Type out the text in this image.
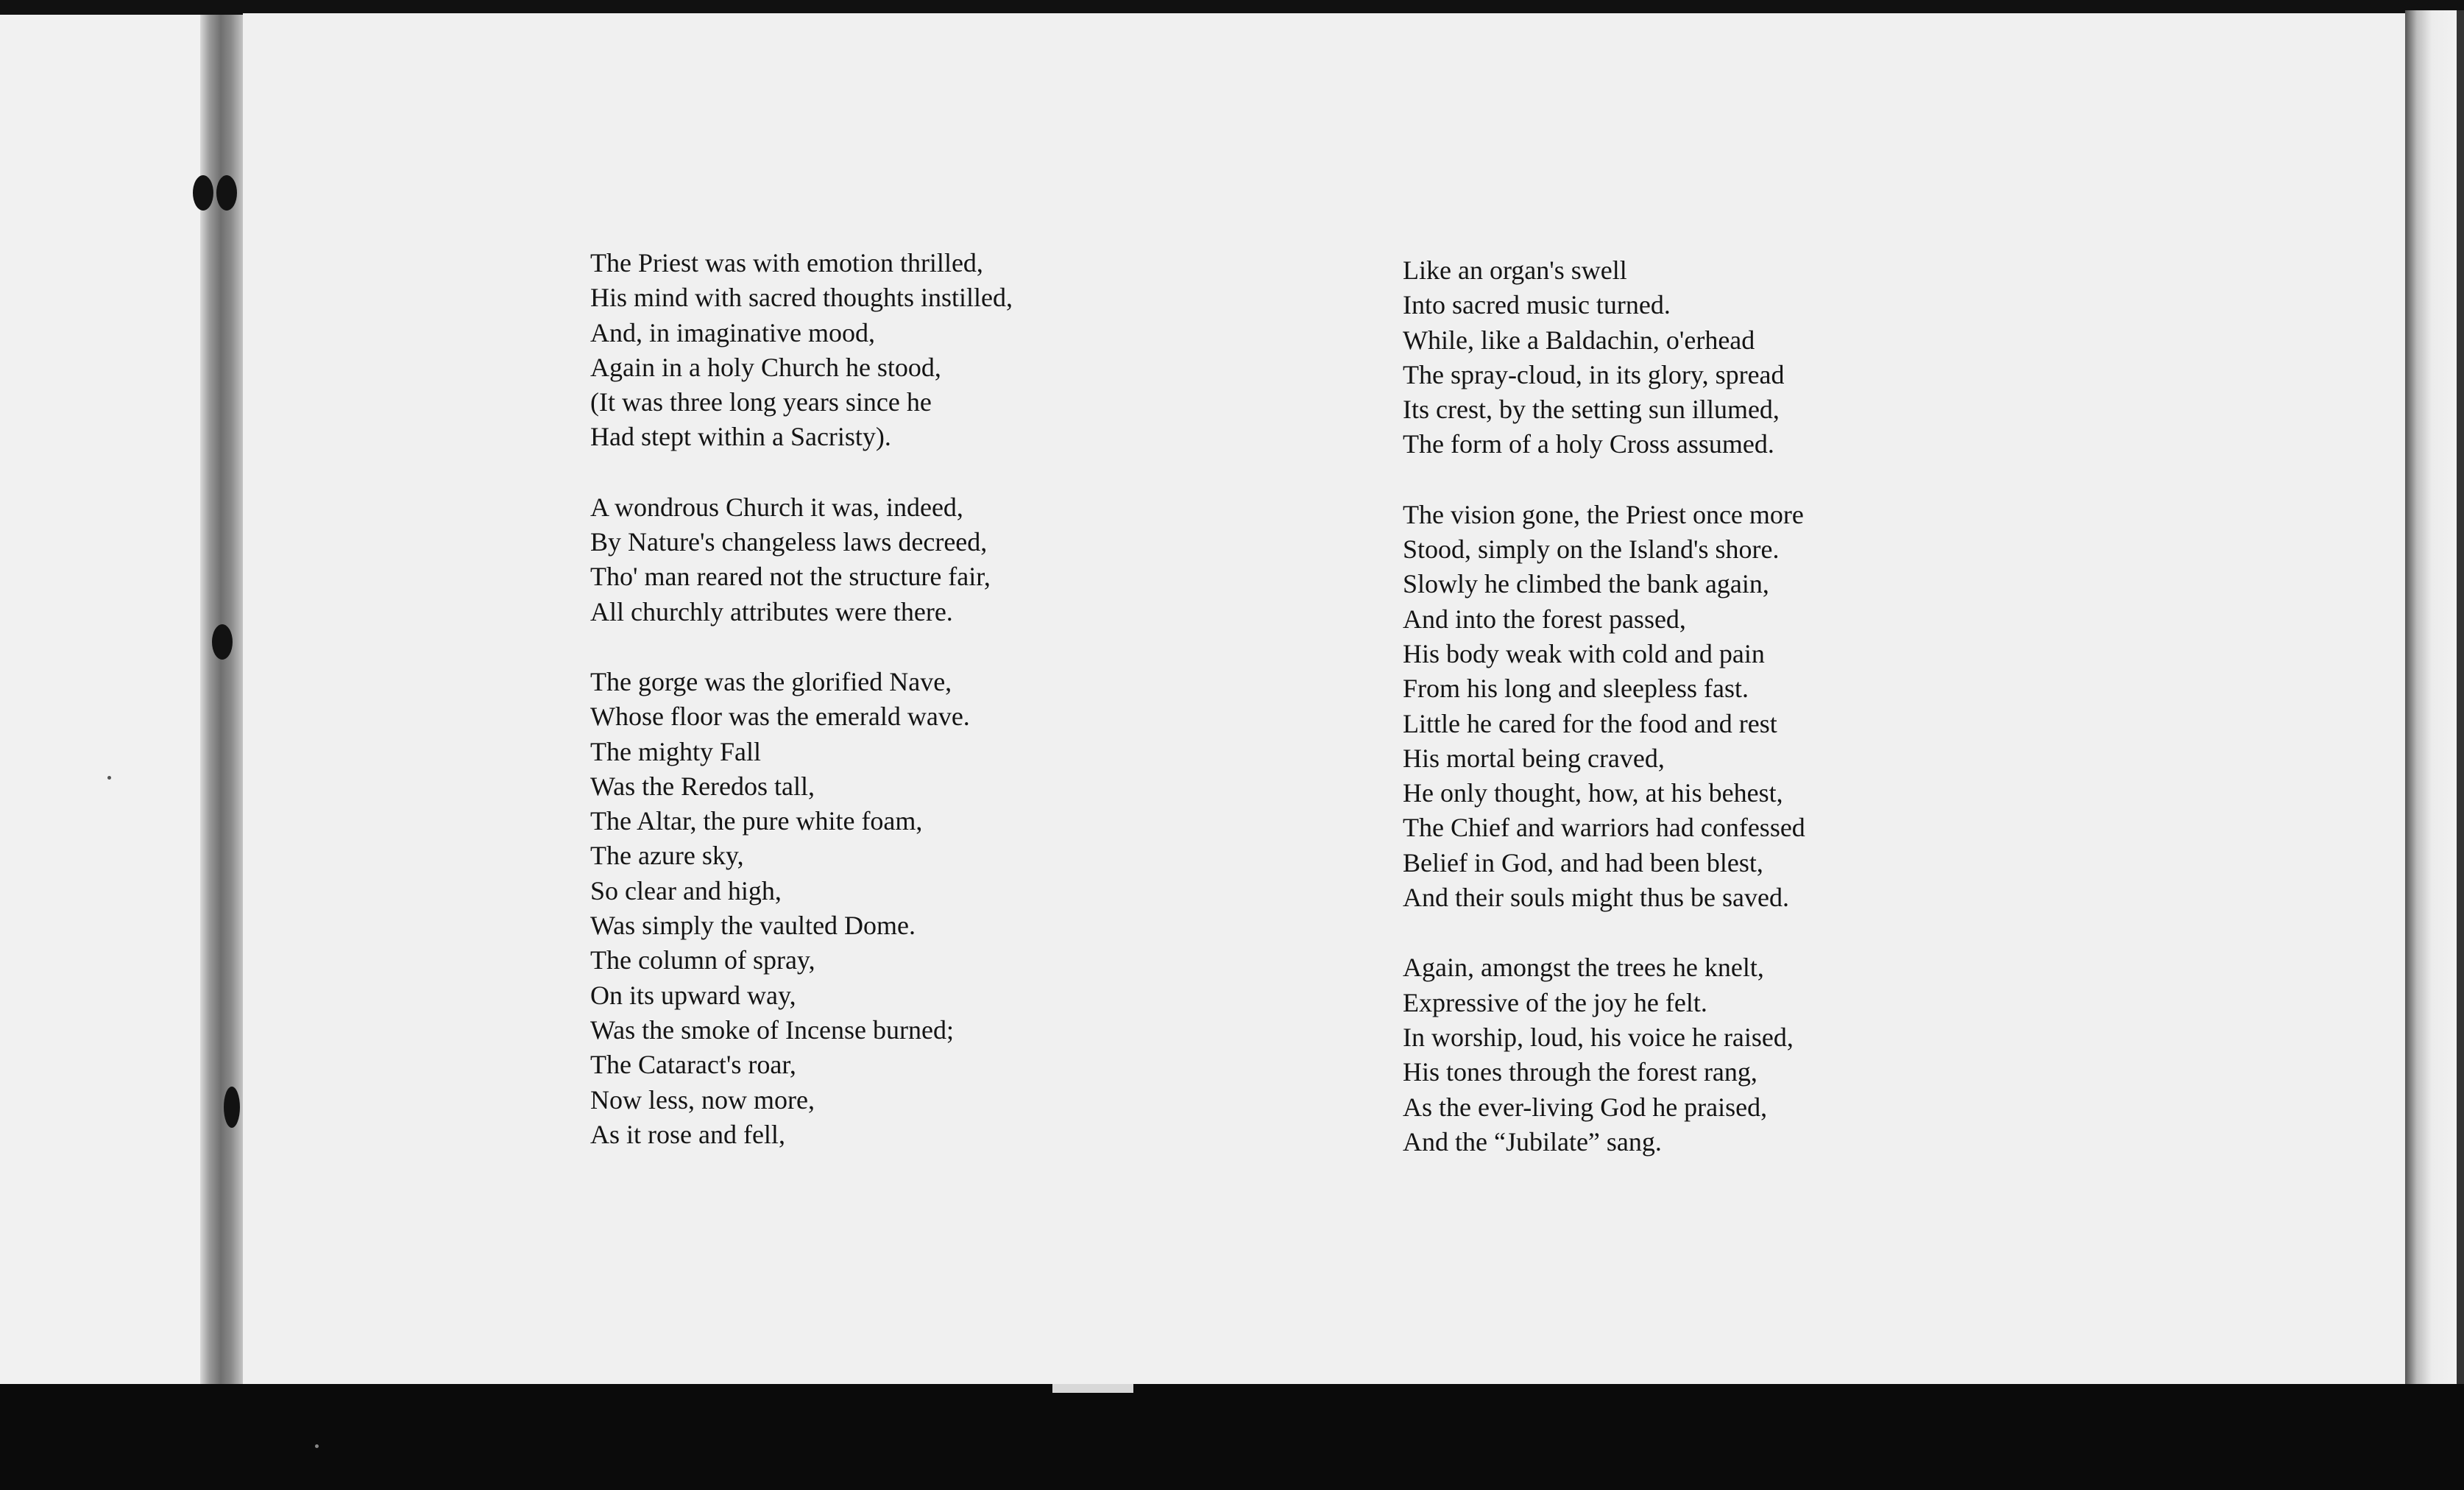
The Priest was with emotion thrilled,
His mind with sacred thoughts instilled,
And, in imaginative mood,
Again in a holy Church he stood,
(It was three long years since he
Had stept within a Sacristy).
A wondrous Church it was, indeed,
By Nature's changeless laws decreed,
Tho' man reared not the structure fair,
All churchly attributes were there.
The gorge was the glorified Nave,
Whose floor was the emerald wave.
The mighty Fall
Was the Reredos tall,
The Altar, the pure white foam,
The azure sky,
So clear and high,
Was simply the vaulted Dome.
The column of spray,
On its upward way,
Was the smoke of Incense burned;
The Cataract's roar,
Now less, now more,
As it rose and fell,
Like an organ's swell
Into sacred music turned.
While, like a Baldachin, o'erhead
The spray-cloud, in its glory, spread
Its crest, by the setting sun illumed,
The form of a holy Cross assumed.
The vision gone, the Priest once more
Stood, simply on the Island's shore.
Slowly he climbed the bank again,
And into the forest passed,
His body weak with cold and pain
From his long and sleepless fast.
Little he cared for the food and rest
His mortal being craved,
He only thought, how, at his behest,
The Chief and warriors had confessed
Belief in God, and had been blest,
And their souls might thus be saved.
Again, amongst the trees he knelt,
Expressive of the joy he felt.
In worship, loud, his voice he raised,
His tones through the forest rang,
As the ever-living God he praised,
And the “Jubilate” sang.
